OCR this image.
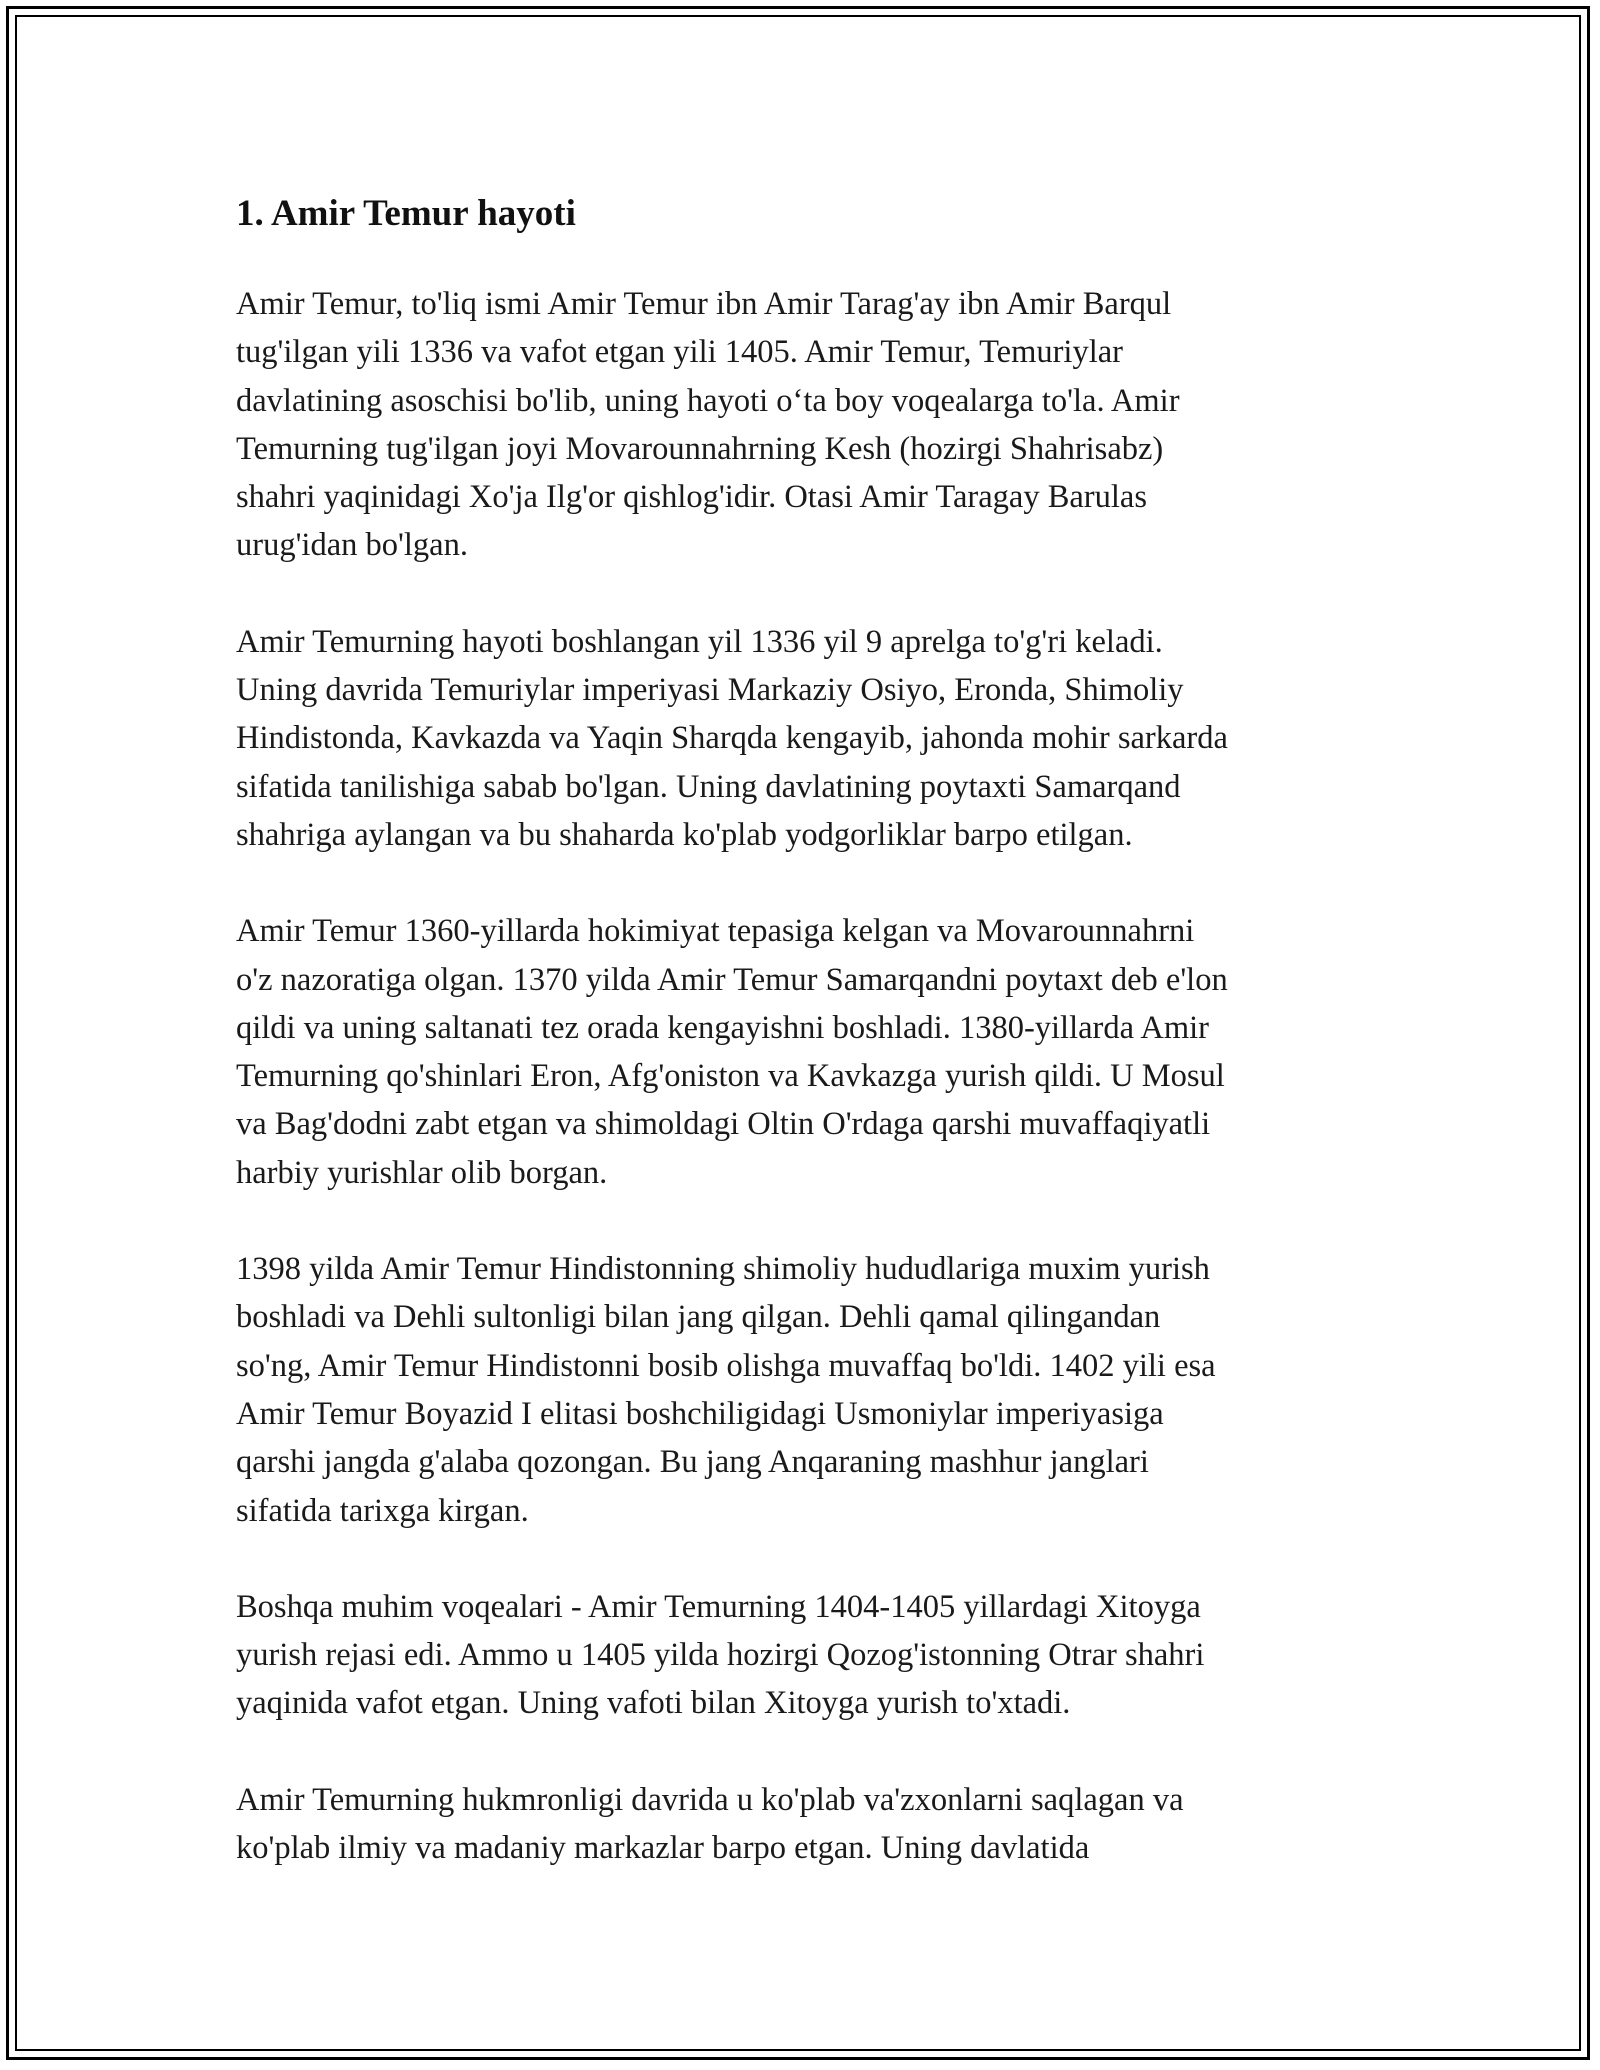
1. Amir Temur hayoti

Amir Temur, to'liq ismi Amir Temur ibn Amir Tarag'ay ibn Amir Barqul
tug'ilgan yili 1336 va vafot etgan yili 1405. Amir Temur, Temuriylar
davlatining asoschisi bo'lib, uning hayoti oʻta boy voqealarga to'la. Amir
Temurning tug'ilgan joyi Movarounnahrning Kesh (hozirgi Shahrisabz)
shahri yaqinidagi Xo'ja Ilg'or qishlog'idir. Otasi Amir Taragay Barulas
urug'idan bo'lgan.

Amir Temurning hayoti boshlangan yil 1336 yil 9 aprelga to'g'ri keladi.
Uning davrida Temuriylar imperiyasi Markaziy Osiyo, Eronda, Shimoliy
Hindistonda, Kavkazda va Yaqin Sharqda kengayib, jahonda mohir sarkarda
sifatida tanilishiga sabab bo'lgan. Uning davlatining poytaxti Samarqand
shahriga aylangan va bu shaharda ko'plab yodgorliklar barpo etilgan.

Amir Temur 1360-yillarda hokimiyat tepasiga kelgan va Movarounnahrni
o'z nazoratiga olgan. 1370 yilda Amir Temur Samarqandni poytaxt deb e'lon
qildi va uning saltanati tez orada kengayishni boshladi. 1380-yillarda Amir
Temurning qo'shinlari Eron, Afg'oniston va Kavkazga yurish qildi. U Mosul
va Bag'dodni zabt etgan va shimoldagi Oltin O'rdaga qarshi muvaffaqiyatli
harbiy yurishlar olib borgan.

1398 yilda Amir Temur Hindistonning shimoliy hududlariga muxim yurish
boshladi va Dehli sultonligi bilan jang qilgan. Dehli qamal qilingandan
so'ng, Amir Temur Hindistonni bosib olishga muvaffaq bo'ldi. 1402 yili esa
Amir Temur Boyazid I elitasi boshchiligidagi Usmoniylar imperiyasiga
qarshi jangda g'alaba qozongan. Bu jang Anqaraning mashhur janglari
sifatida tarixga kirgan.

Boshqa muhim voqealari - Amir Temurning 1404-1405 yillardagi Xitoyga
yurish rejasi edi. Ammo u 1405 yilda hozirgi Qozog'istonning Otrar shahri
yaqinida vafot etgan. Uning vafoti bilan Xitoyga yurish to'xtadi.

Amir Temurning hukmronligi davrida u ko'plab va'zxonlarni saqlagan va
ko'plab ilmiy va madaniy markazlar barpo etgan. Uning davlatida
